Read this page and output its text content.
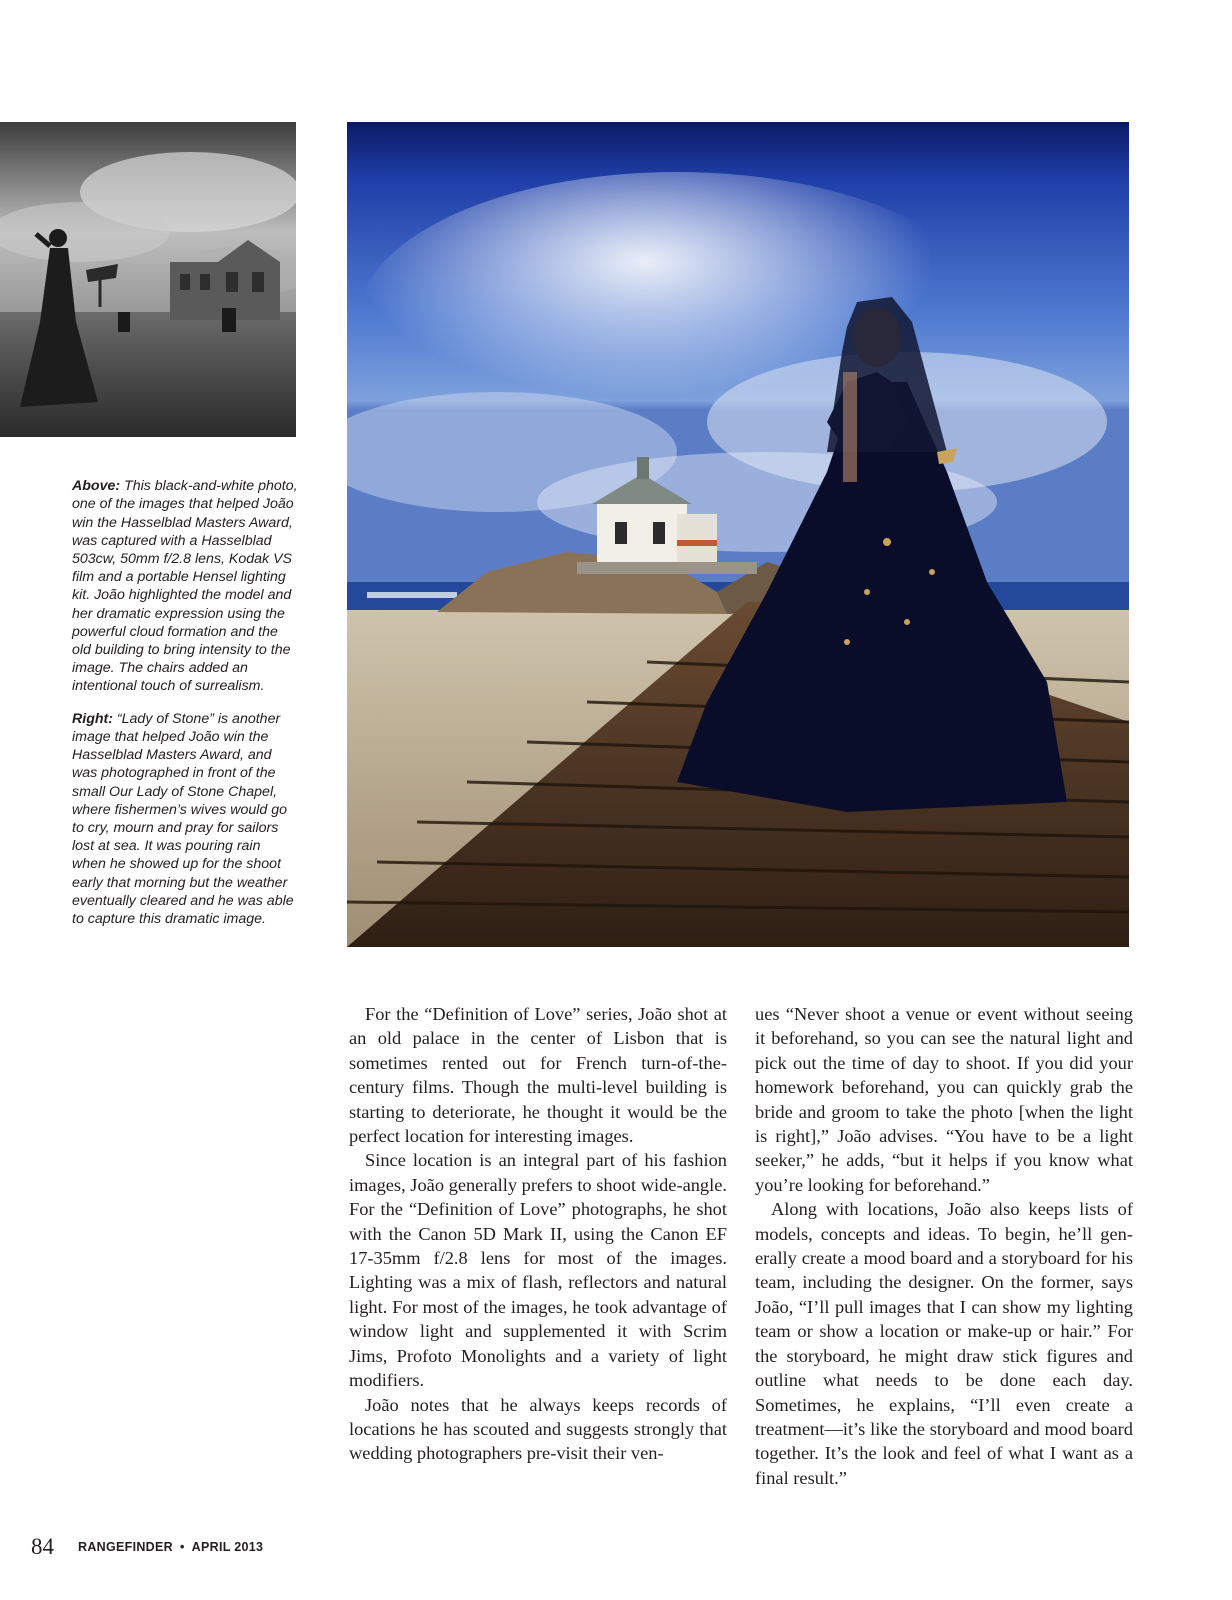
Above: This black-and-white photo, one of the images that helped João win the Hasselblad Masters Award, was captured with a Hasselblad 503cw, 50mm f/2.8 lens, Kodak VS film and a portable Hensel lighting kit. João highlighted the model and her dramatic expression using the powerful cloud formation and the old building to bring intensity to the image. The chairs added an intentional touch of surrealism.

Right: “Lady of Stone” is another image that helped João win the Hasselblad Masters Award, and was photographed in front of the small Our Lady of Stone Chapel, where fishermen’s wives would go to cry, mourn and pray for sailors lost at sea. It was pouring rain when he showed up for the shoot early that morning but the weather eventually cleared and he was able to capture this dramatic image.

For the “Definition of Love” series, João shot at an old palace in the center of Lisbon that is sometimes rented out for French turn-of-the-century films. Though the multi-level building is starting to deteriorate, he thought it would be the perfect location for interesting images.

Since location is an integral part of his fashion images, João generally prefers to shoot wide-angle. For the “Definition of Love” photographs, he shot with the Canon 5D Mark II, using the Canon EF 17-35mm f/2.8 lens for most of the images. Lighting was a mix of flash, reflectors and natural light. For most of the images, he took advantage of window light and supplemented it with Scrim Jims, Profoto Monolights and a variety of light modifiers.

João notes that he always keeps records of locations he has scouted and suggests strongly that wedding photographers pre-visit their ven-

ues “Never shoot a venue or event without seeing it beforehand, so you can see the natural light and pick out the time of day to shoot. If you did your homework beforehand, you can quickly grab the bride and groom to take the photo [when the light is right],” João advises. “You have to be a light seeker,” he adds, “but it helps if you know what you’re looking for beforehand.”

Along with locations, João also keeps lists of models, concepts and ideas. To begin, he’ll generally create a mood board and a storyboard for his team, including the designer. On the former, says João, “I’ll pull images that I can show my lighting team or show a location or make-up or hair.” For the storyboard, he might draw stick figures and outline what needs to be done each day. Sometimes, he explains, “I’ll even create a treatment—it’s like the storyboard and mood board together. It’s the look and feel of what I want as a final result.”

84 RANGEFINDER • APRIL 2013
